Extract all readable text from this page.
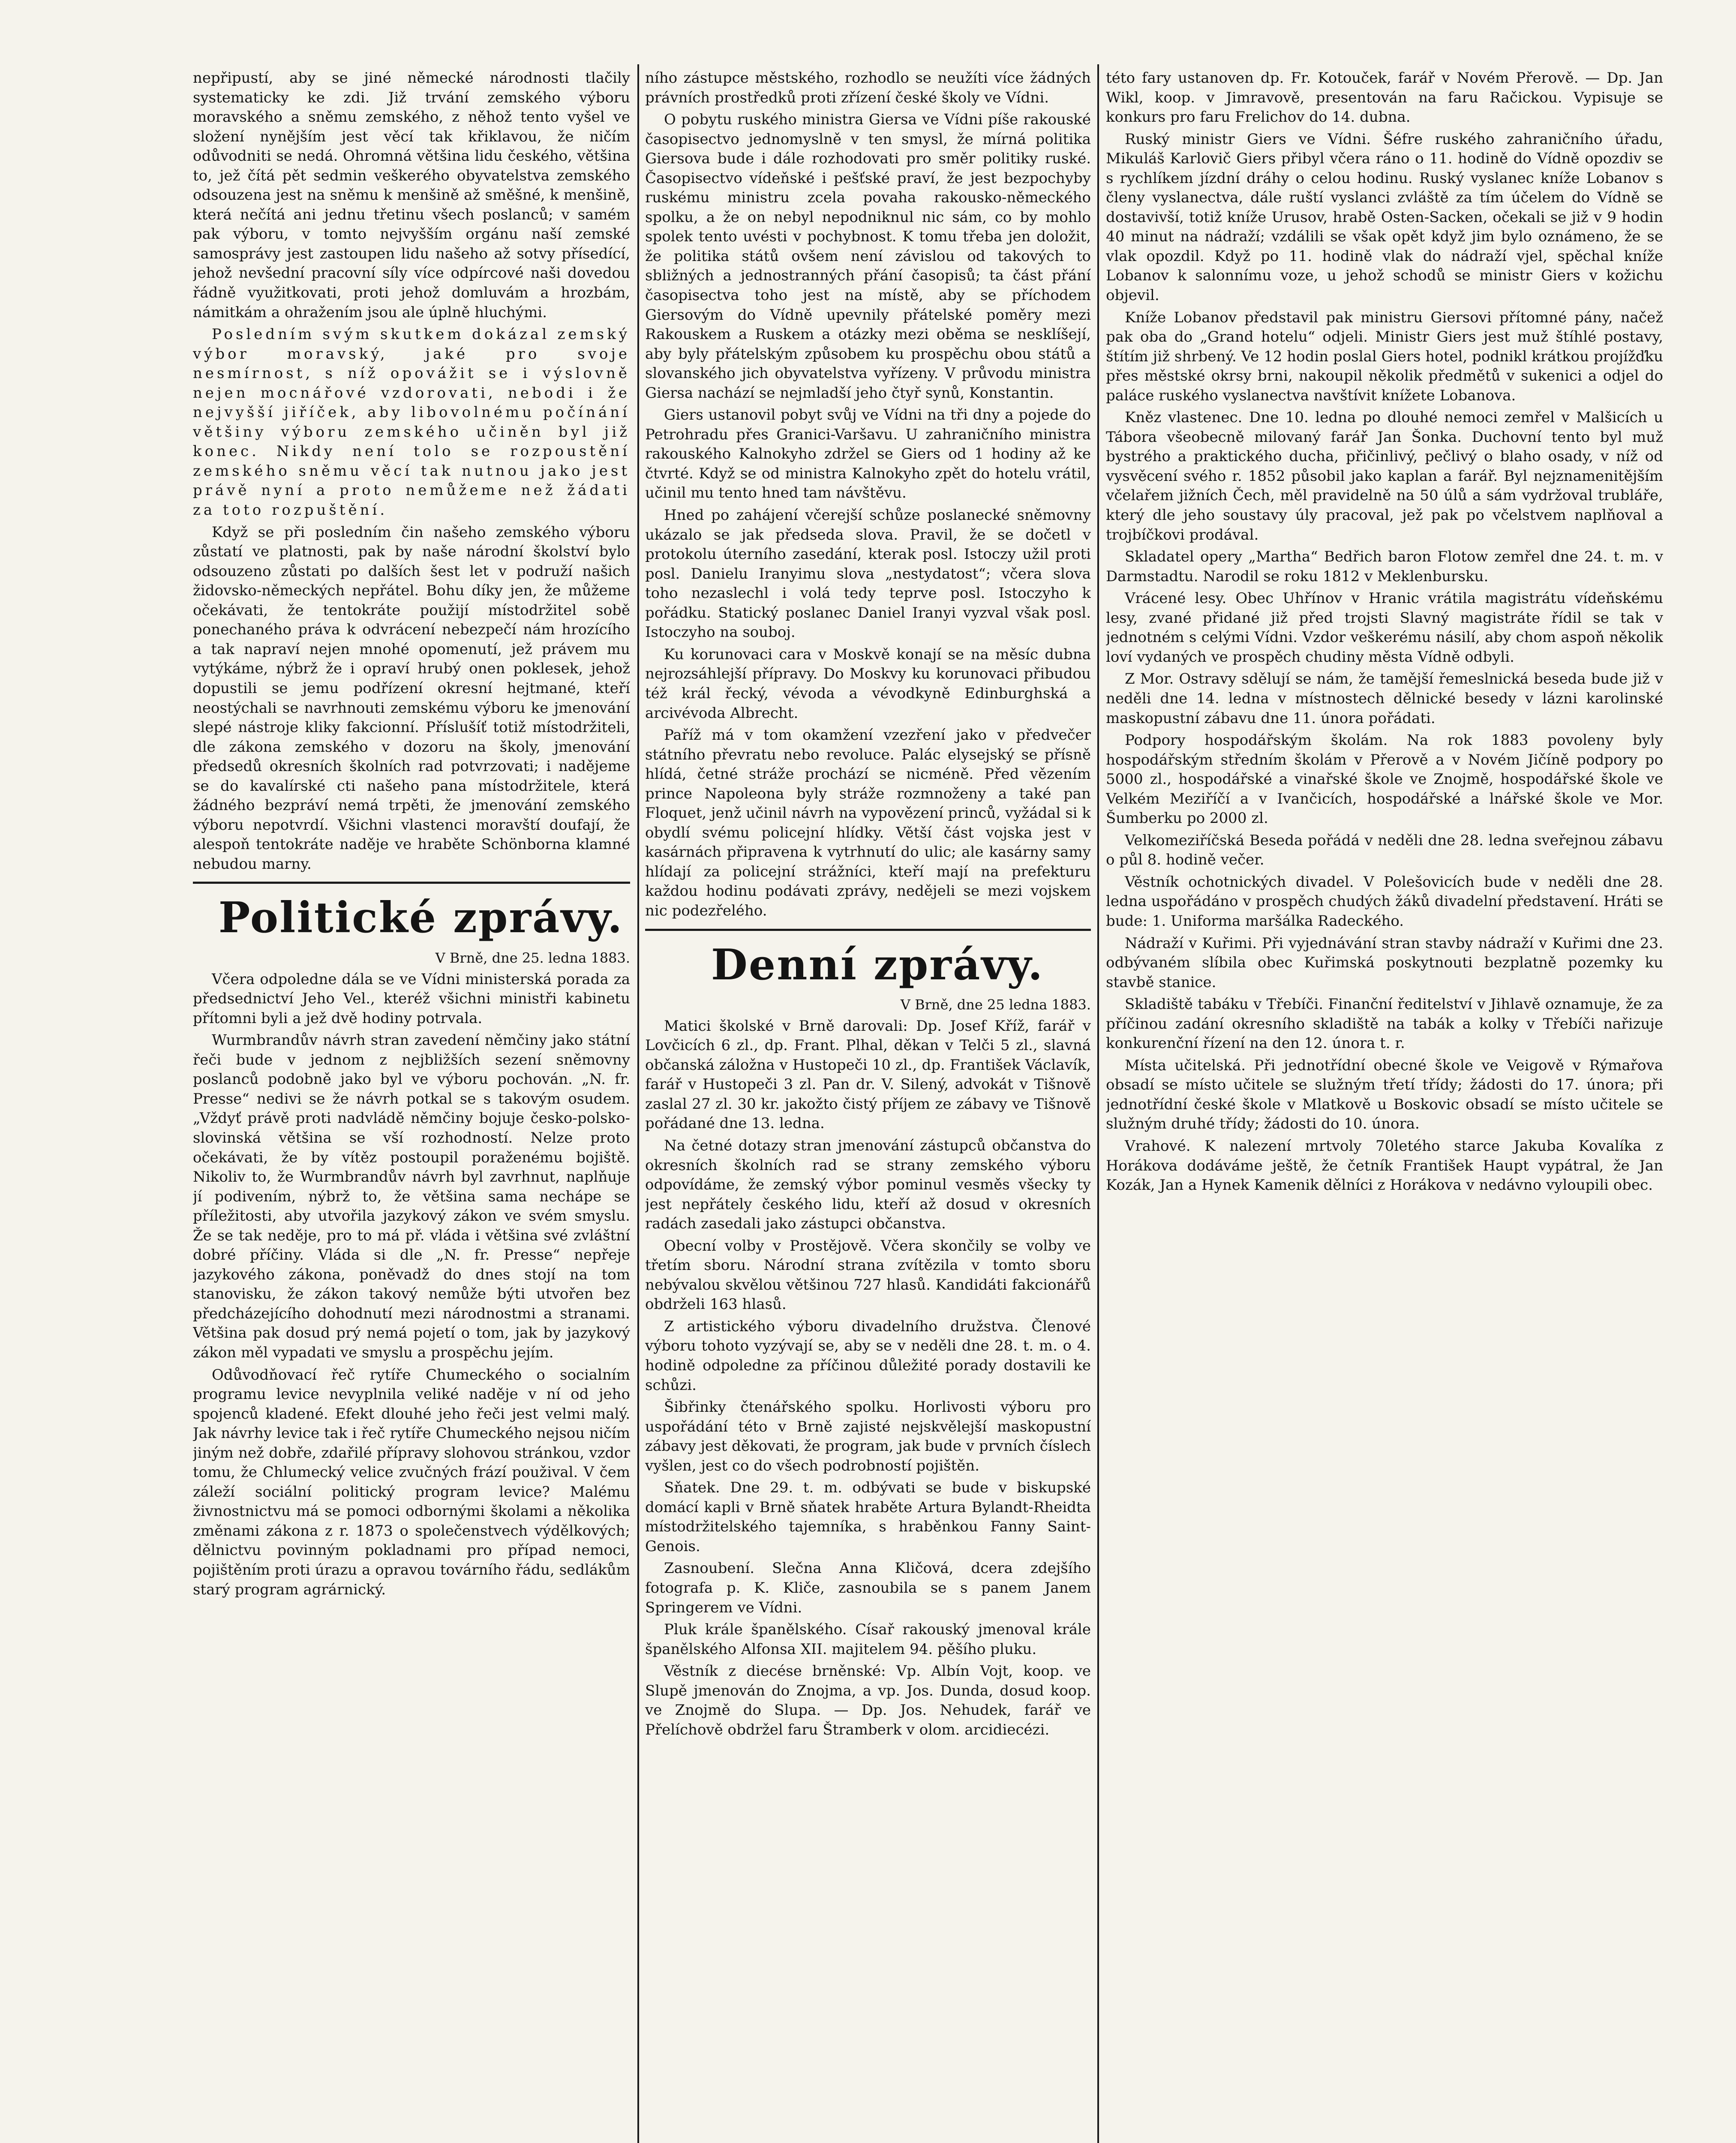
nepřipustí, aby se jiné německé národnosti tlačily systematicky ke zdi. Již trvání zemského výboru moravského a sněmu zemského, z něhož tento vyšel ve složení nynějším jest věcí tak křiklavou, že ničím odůvodniti se nedá. Ohromná většina lidu českého, většina to, jež čítá pět sedmin veškerého obyvatelstva zemského odsouzena jest na sněmu k menšině až směšné, k menšině, která nečítá ani jednu třetinu všech poslanců; v samém pak výboru, v tomto nejvyšším orgánu naší zemské samosprávy jest zastoupen lidu našeho až sotvy přísedící, jehož nevšední pracovní síly více odpírcové naši dovedou řádně využitkovati, proti jehož domluvám a hrozbám, námitkám a ohražením jsou ale úplně hluchými.

Posledním svým skutkem dokázal zemský výbor moravský, jaké pro svoje nesmírnost, s níž opovážit se i výslovně nejen mocnářové vzdorovati, nebodi i že nejvyšší jiříček, aby libovolnému počínání většiny výboru zemského učiněn byl již konec. Nikdy není tolo se rozpoustění zemského sněmu věcí tak nutnou jako jest právě nyní a proto nemůžeme než žádati za toto rozpuštění.

Když se při posledním čin našeho zemského výboru zůstatí ve platnosti, pak by naše národní školství bylo odsouzeno zůstati po dalších šest let v podruží našich židovsko-německých nepřátel. Bohu díky jen, že můžeme očekávati, že tentokráte použijí místodržitel sobě ponechaného práva k odvrácení nebezpečí nám hrozícího a tak napraví nejen mnohé opomenutí, jež právem mu vytýkáme, nýbrž že i opraví hrubý onen poklesek, jehož dopustili se jemu podřízení okresní hejtmané, kteří neostýchali se navrhnouti zemskému výboru ke jmenování slepé nástroje kliky fakcionní. Příslušíť totiž místodržiteli, dle zákona zemského v dozoru na školy, jmenování předsedů okresních školních rad potvrzovati; i nadějeme se do kavalírské cti našeho pana místodržitele, která žádného bezpráví nemá trpěti, že jmenování zemského výboru nepotvrdí. Všichni vlastenci moravští doufají, že alespoň tentokráte naděje ve hraběte Schönborna klamné nebudou marny.

Politické zprávy.

V Brně, dne 25. ledna 1883.

Včera odpoledne dála se ve Vídni ministerská porada za předsednictví Jeho Vel., kteréž všichni ministři kabinetu přítomni byli a jež dvě hodiny potrvala.

Wurmbrandův návrh stran zavedení němčiny jako státní řeči bude v jednom z nejbližších sezení sněmovny poslanců podobně jako byl ve výboru pochován. „N. fr. Presse“ nedivi se že návrh potkal se s takovým osudem. „Vždyť právě proti nadvládě němčiny bojuje česko-polsko-slovinská většina se vší rozhodností. Nelze proto očekávati, že by vítěz postoupil poraženému bojiště. Nikoliv to, že Wurmbrandův návrh byl zavrhnut, naplňuje jí podivením, nýbrž to, že většina sama nechápe se příležitosti, aby utvořila jazykový zákon ve svém smyslu. Že se tak neděje, pro to má př. vláda i většina své zvláštní dobré příčiny. Vláda si dle „N. fr. Presse“ nepřeje jazykového zákona, poněvadž do dnes stojí na tom stanovisku, že zákon takový nemůže býti utvořen bez předcházejícího dohodnutí mezi národnostmi a stranami. Většina pak dosud prý nemá pojetí o tom, jak by jazykový zákon měl vypadati ve smyslu a prospěchu jejím.

Odůvodňovací řeč rytíře Chumeckého o socialním programu levice nevyplnila veliké naděje v ní od jeho spojenců kladené. Efekt dlouhé jeho řeči jest velmi malý. Jak návrhy levice tak i řeč rytíře Chumeckého nejsou ničím jiným než dobře, zdařilé přípravy slohovou stránkou, vzdor tomu, že Chlumecký velice zvučných frází použival. V čem záleží sociální politický program levice? Malému živnostnictvu má se pomoci odbornými školami a několika změnami zákona z r. 1873 o společenstvech výdělkových; dělnictvu povinným pokladnami pro případ nemoci, pojištěním proti úrazu a opravou továrního řádu, sedlákům starý program agrárnický.

ního zástupce městského, rozhodlo se neužíti více žádných právních prostředků proti zřízení české školy ve Vídni.

O pobytu ruského ministra Giersa ve Vídni píše rakouské časopisectvo jednomyslně v ten smysl, že mírná politika Giersova bude i dále rozhodovati pro směr politiky ruské. Časopisectvo vídeňské i pešťské praví, že jest bezpochyby ruskému ministru zcela povaha rakousko-německého spolku, a že on nebyl nepodniknul nic sám, co by mohlo spolek tento uvésti v pochybnost. K tomu třeba jen doložit, že politika států ovšem není závislou od takových to sbližných a jednostranných přání časopisů; ta část přání časopisectva toho jest na místě, aby se příchodem Giersovým do Vídně upevnily přátelské poměry mezi Rakouskem a Ruskem a otázky mezi oběma se nesklíšejí, aby byly přátelským způsobem ku prospěchu obou států a slovanského jich obyvatelstva vyřízeny. V průvodu ministra Giersa nachází se nejmladší jeho čtyř synů, Konstantin.

Giers ustanovil pobyt svůj ve Vídni na tři dny a pojede do Petrohradu přes Granici-Varšavu. U zahraničního ministra rakouského Kalnokyho zdržel se Giers od 1 hodiny až ke čtvrté. Když se od ministra Kalnokyho zpět do hotelu vrátil, učinil mu tento hned tam návštěvu.

Hned po zahájení včerejší schůze poslanecké sněmovny ukázalo se jak předseda slova. Pravil, že se dočetl v protokolu úterního zasedání, kterak posl. Istoczy užil proti posl. Danielu Iranyimu slova „nestydatost“; včera slova toho nezaslechl i volá tedy teprve posl. Istoczyho k pořádku. Statický poslanec Daniel Iranyi vyzval však posl. Istoczyho na souboj.

Ku korunovaci cara v Moskvě konají se na měsíc dubna nejrozsáhlejší přípravy. Do Moskvy ku korunovaci přibudou též král řecký, vévoda a vévodkyně Edinburghská a arcivévoda Albrecht.

Paříž má v tom okamžení vzezření jako v předvečer státního převratu nebo revoluce. Palác elysejský se přísně hlídá, četné stráže prochází se nicméně. Před vězením prince Napoleona byly stráže rozmnoženy a také pan Floquet, jenž učinil návrh na vypovězení princů, vyžádal si k obydlí svému policejní hlídky. Větší část vojska jest v kasárnách připravena k vytrhnutí do ulic; ale kasárny samy hlídají za policejní strážníci, kteří mají na prefekturu každou hodinu podávati zprávy, nedějeli se mezi vojskem nic podezřelého.

Denní zprávy.

V Brně, dne 25 ledna 1883.

Matici školské v Brně darovali: Dp. Josef Kříž, farář v Lovčicích 6 zl., dp. Frant. Plhal, děkan v Telči 5 zl., slavná občanská záložna v Hustopeči 10 zl., dp. František Václavík, farář v Hustopeči 3 zl. Pan dr. V. Silený, advokát v Tišnově zaslal 27 zl. 30 kr. jakožto čistý příjem ze zábavy ve Tišnově pořádané dne 13. ledna.

Na četné dotazy stran jmenování zástupců občanstva do okresních školních rad se strany zemského výboru odpovídáme, že zemský výbor pominul vesměs všecky ty jest nepřátely českého lidu, kteří až dosud v okresních radách zasedali jako zástupci občanstva.

Obecní volby v Prostějově. Včera skončily se volby ve třetím sboru. Národní strana zvítězila v tomto sboru nebývalou skvělou většinou 727 hlasů. Kandidáti fakcionářů obdrželi 163 hlasů.

Z artistického výboru divadelního družstva. Členové výboru tohoto vyzývají se, aby se v neděli dne 28. t. m. o 4. hodině odpoledne za příčinou důležité porady dostavili ke schůzi.

Šibřinky čtenářského spolku. Horlivosti výboru pro uspořádání této v Brně zajisté nejskvělejší maskopustní zábavy jest děkovati, že program, jak bude v prvních číslech vyšlen, jest co do všech podrobností pojištěn.

Sňatek. Dne 29. t. m. odbývati se bude v biskupské domácí kapli v Brně sňatek hraběte Artura Bylandt-Rheidta místodržitelského tajemníka, s hraběnkou Fanny Saint-Genois.

Zasnoubení. Slečna Anna Kličová, dcera zdejšího fotografa p. K. Kliče, zasnoubila se s panem Janem Springerem ve Vídni.

Pluk krále španělského. Císař rakouský jmenoval krále španělského Alfonsa XII. majitelem 94. pěšího pluku.

Věstník z diecése brněnské: Vp. Albín Vojt, koop. ve Slupě jmenován do Znojma, a vp. Jos. Dunda, dosud koop. ve Znojmě do Slupa. — Dp. Jos. Nehudek, farář ve Přelíchově obdržel faru Štramberk v olom. arcidiecézi.

této fary ustanoven dp. Fr. Kotouček, farář v Novém Přerově. — Dp. Jan Wikl, koop. v Jimravově, presentován na faru Račickou. Vypisuje se konkurs pro faru Frelichov do 14. dubna.

Ruský ministr Giers ve Vídni. Šéfre ruského zahraničního úřadu, Mikuláš Karlovič Giers přibyl včera ráno o 11. hodině do Vídně opozdiv se s rychlíkem jízdní dráhy o celou hodinu. Ruský vyslanec kníže Lobanov s členy vyslanectva, dále ruští vyslanci zvláště za tím účelem do Vídně se dostavivší, totiž kníže Urusov, hrabě Osten-Sacken, očekali se již v 9 hodin 40 minut na nádraží; vzdálili se však opět když jim bylo oznámeno, že se vlak opozdil. Když po 11. hodině vlak do nádraží vjel, spěchal kníže Lobanov k salonnímu voze, u jehož schodů se ministr Giers v kožichu objevil.

Kníže Lobanov představil pak ministru Giersovi přítomné pány, načež pak oba do „Grand hotelu“ odjeli. Ministr Giers jest muž štíhlé postavy, štítím již shrbený. Ve 12 hodin poslal Giers hotel, podnikl krátkou projížďku přes městské okrsy brni, nakoupil několik předmětů v sukenici a odjel do paláce ruského vyslanectva navštívit knížete Lobanova.

Kněz vlastenec. Dne 10. ledna po dlouhé nemoci zemřel v Malšicích u Tábora všeobecně milovaný farář Jan Šonka. Duchovní tento byl muž bystrého a praktického ducha, přičinlivý, pečlivý o blaho osady, v níž od vysvěcení svého r. 1852 působil jako kaplan a farář. Byl nejznamenitějším včelařem jižních Čech, měl pravidelně na 50 úlů a sám vydržoval trubláře, který dle jeho soustavy úly pracoval, jež pak po včelstvem naplňoval a trojbíčkovi prodával.

Skladatel opery „Martha“ Bedřich baron Flotow zemřel dne 24. t. m. v Darmstadtu. Narodil se roku 1812 v Meklenbursku.

Vrácené lesy. Obec Uhřínov v Hranic vrátila magistrátu vídeňskému lesy, zvané přidané již před trojsti Slavný magistráte řídil se tak v jednotném s celými Vídni. Vzdor veškerému násilí, aby chom aspoň několik loví vydaných ve prospěch chudiny města Vídně odbyli.

Z Mor. Ostravy sdělují se nám, že tamější řemeslnická beseda bude již v neděli dne 14. ledna v místnostech dělnické besedy v lázni karolinské maskopustní zábavu dne 11. února pořádati.

Podpory hospodářským školám. Na rok 1883 povoleny byly hospodářským středním školám v Přerově a v Novém Jičíně podpory po 5000 zl., hospodářské a vinařské škole ve Znojmě, hospodářské škole ve Velkém Meziříčí a v Ivančicích, hospodářské a lnářské škole ve Mor. Šumberku po 2000 zl.

Velkomeziříčská Beseda pořádá v neděli dne 28. ledna sveřejnou zábavu o půl 8. hodině večer.

Věstník ochotnických divadel. V Polešovicích bude v neděli dne 28. ledna uspořádáno v prospěch chudých žáků divadelní představení. Hráti se bude: 1. Uniforma maršálka Radeckého.

Nádraží v Kuřimi. Při vyjednávání stran stavby nádraží v Kuřimi dne 23. odbývaném slíbila obec Kuřimská poskytnouti bezplatně pozemky ku stavbě stanice.

Skladiště tabáku v Třebíči. Finanční ředitelství v Jihlavě oznamuje, že za příčinou zadání okresního skladiště na tabák a kolky v Třebíči nařizuje konkurenční řízení na den 12. února t. r.

Místa učitelská. Při jednotřídní obecné škole ve Veigově v Rýmařova obsadí se místo učitele se služným třetí třídy; žádosti do 17. února; při jednotřídní české škole v Mlatkově u Boskovic obsadí se místo učitele se služným druhé třídy; žádosti do 10. února.

Vrahové. K nalezení mrtvoly 70letého starce Jakuba Kovalíka z Horákova dodáváme ještě, že četník František Haupt vypátral, že Jan Kozák, Jan a Hynek Kamenik dělníci z Horákova v nedávno vyloupili obec.
